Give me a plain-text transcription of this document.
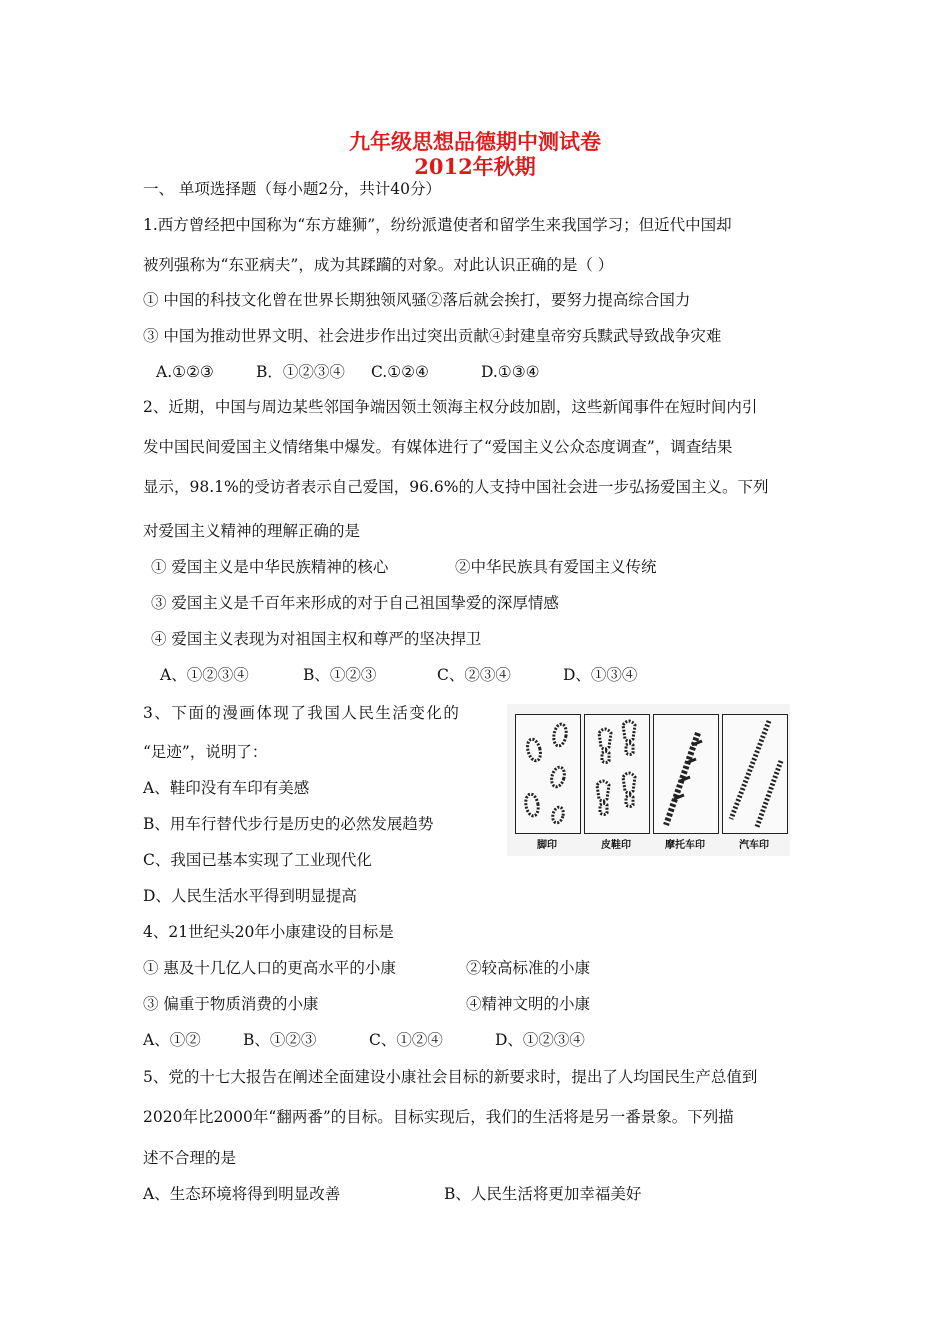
九年级思想品德期中测试卷
2012年秋期
一、 单项选择题（每小题2分，共计40分）
1.西方曾经把中国称为“东方雄狮”，纷纷派遣使者和留学生来我国学习；但近代中国却
被列强称为“东亚病夫”，成为其蹂躏的对象。对此认识正确的是（ ）
① 中国的科技文化曾在世界长期独领风骚②落后就会挨打，要努力提高综合国力
③ 中国为推动世界文明、社会进步作出过突出贡献④封建皇帝穷兵黩武导致战争灾难
A.①②③	B．①②③④ C.①②④	D.①③④
2、近期，中国与周边某些邻国争端因领土领海主权分歧加剧，这些新闻事件在短时间内引
发中国民间爱国主义情绪集中爆发。有媒体进行了“爱国主义公众态度调查”，调查结果
显示，98.1%的受访者表示自己爱国，96.6%的人支持中国社会进一步弘扬爱国主义。下列
对爱国主义精神的理解正确的是
① 爱国主义是中华民族精神的核心	②中华民族具有爱国主义传统
③ 爱国主义是千百年来形成的对于自己祖国挚爱的深厚情感
④ 爱国主义表现为对祖国主权和尊严的坚决捍卫
A、①②③④	B、①②③	C、②③④	D、①③④
3、下面的漫画体现了我国人民生活变化的
“足迹”，说明了：
A、鞋印没有车印有美感
B、用车行替代步行是历史的必然发展趋势
C、我国已基本实现了工业现代化
D、人民生活水平得到明显提高
脚印	皮鞋印	摩托车印	汽车印
4、21世纪头20年小康建设的目标是
① 惠及十几亿人口的更高水平的小康	②较高标准的小康
③ 偏重于物质消费的小康	④精神文明的小康
A、①②	B、①②③	C、①②④	D、①②③④
5、党的十七大报告在阐述全面建设小康社会目标的新要求时，提出了人均国民生产总值到
2020年比2000年“翻两番”的目标。目标实现后，我们的生活将是另一番景象。下列描
述不合理的是
A、生态环境将得到明显改善	B、人民生活将更加幸福美好
